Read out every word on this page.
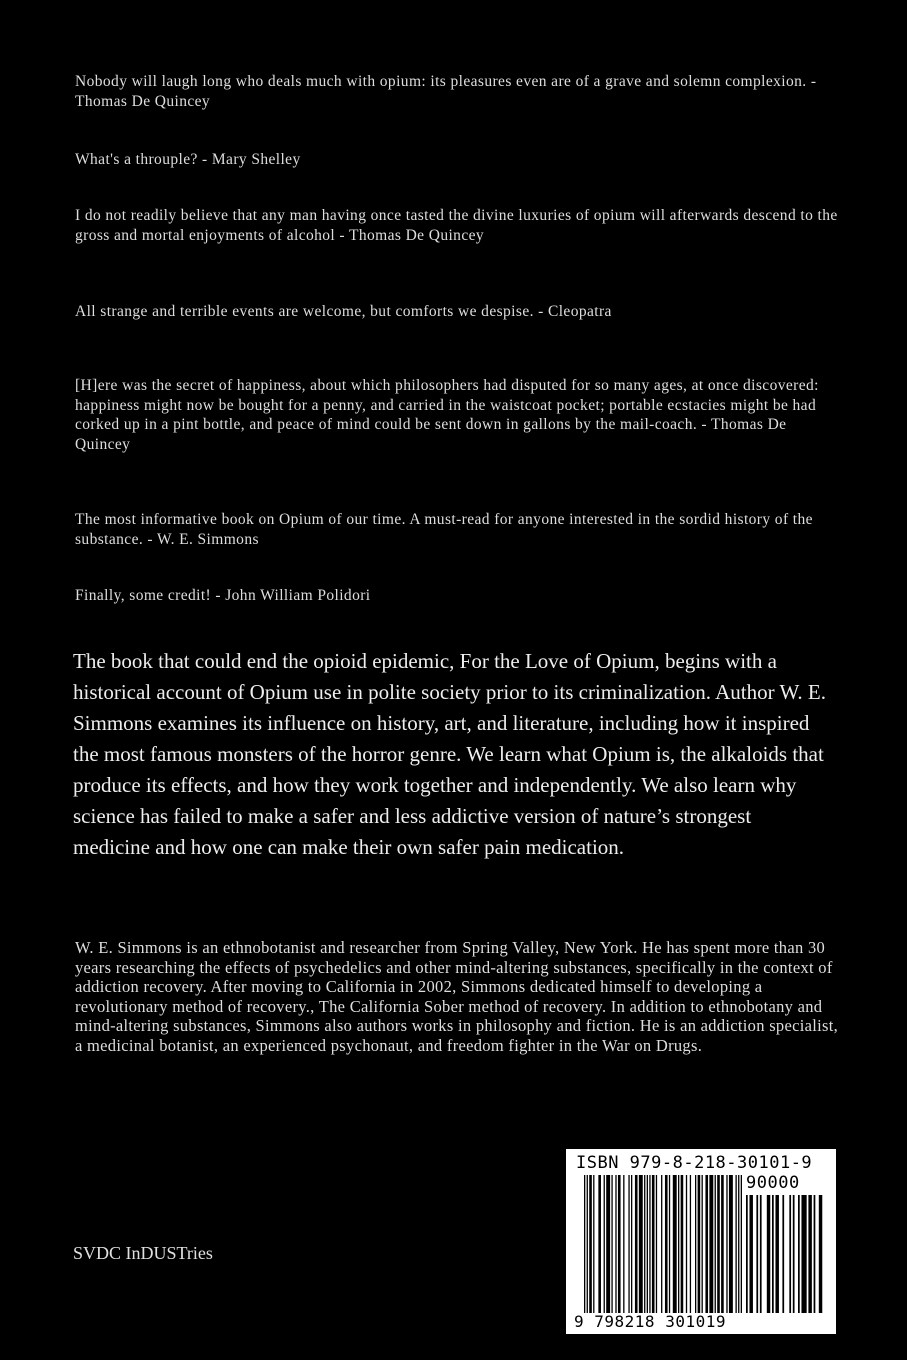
Nobody will laugh long who deals much with opium: its pleasures even are of a grave and solemn complexion. - Thomas De Quincey

What's a throuple? - Mary Shelley

I do not readily believe that any man having once tasted the divine luxuries of opium will afterwards descend to the gross and mortal enjoyments of alcohol - Thomas De Quincey

All strange and terrible events are welcome, but comforts we despise. - Cleopatra

[H]ere was the secret of happiness, about which philosophers had disputed for so many ages, at once discovered: happiness might now be bought for a penny, and carried in the waistcoat pocket; portable ecstacies might be had corked up in a pint bottle, and peace of mind could be sent down in gallons by the mail-coach. - Thomas De Quincey

The most informative book on Opium of our time. A must-read for anyone interested in the sordid history of the substance. - W. E. Simmons

Finally, some credit! - John William Polidori

The book that could end the opioid epidemic, For the Love of Opium, begins with a historical account of Opium use in polite society prior to its criminalization. Author W. E. Simmons examines its influence on history, art, and literature, including how it inspired the most famous monsters of the horror genre. We learn what Opium is, the alkaloids that produce its effects, and how they work together and independently. We also learn why science has failed to make a safer and less addictive version of nature’s strongest medicine and how one can make their own safer pain medication.

W. E. Simmons is an ethnobotanist and researcher from Spring Valley, New York. He has spent more than 30 years researching the effects of psychedelics and other mind-altering substances, specifically in the context of addiction recovery. After moving to California in 2002, Simmons dedicated himself to developing a revolutionary method of recovery., The California Sober method of recovery. In addition to ethnobotany and mind-altering substances, Simmons also authors works in philosophy and fiction. He is an addiction specialist, a medicinal botanist, an experienced psychonaut, and freedom fighter in the War on Drugs.

SVDC InDUSTries

ISBN 979-8-218-30101-9
90000
9 798218 301019
